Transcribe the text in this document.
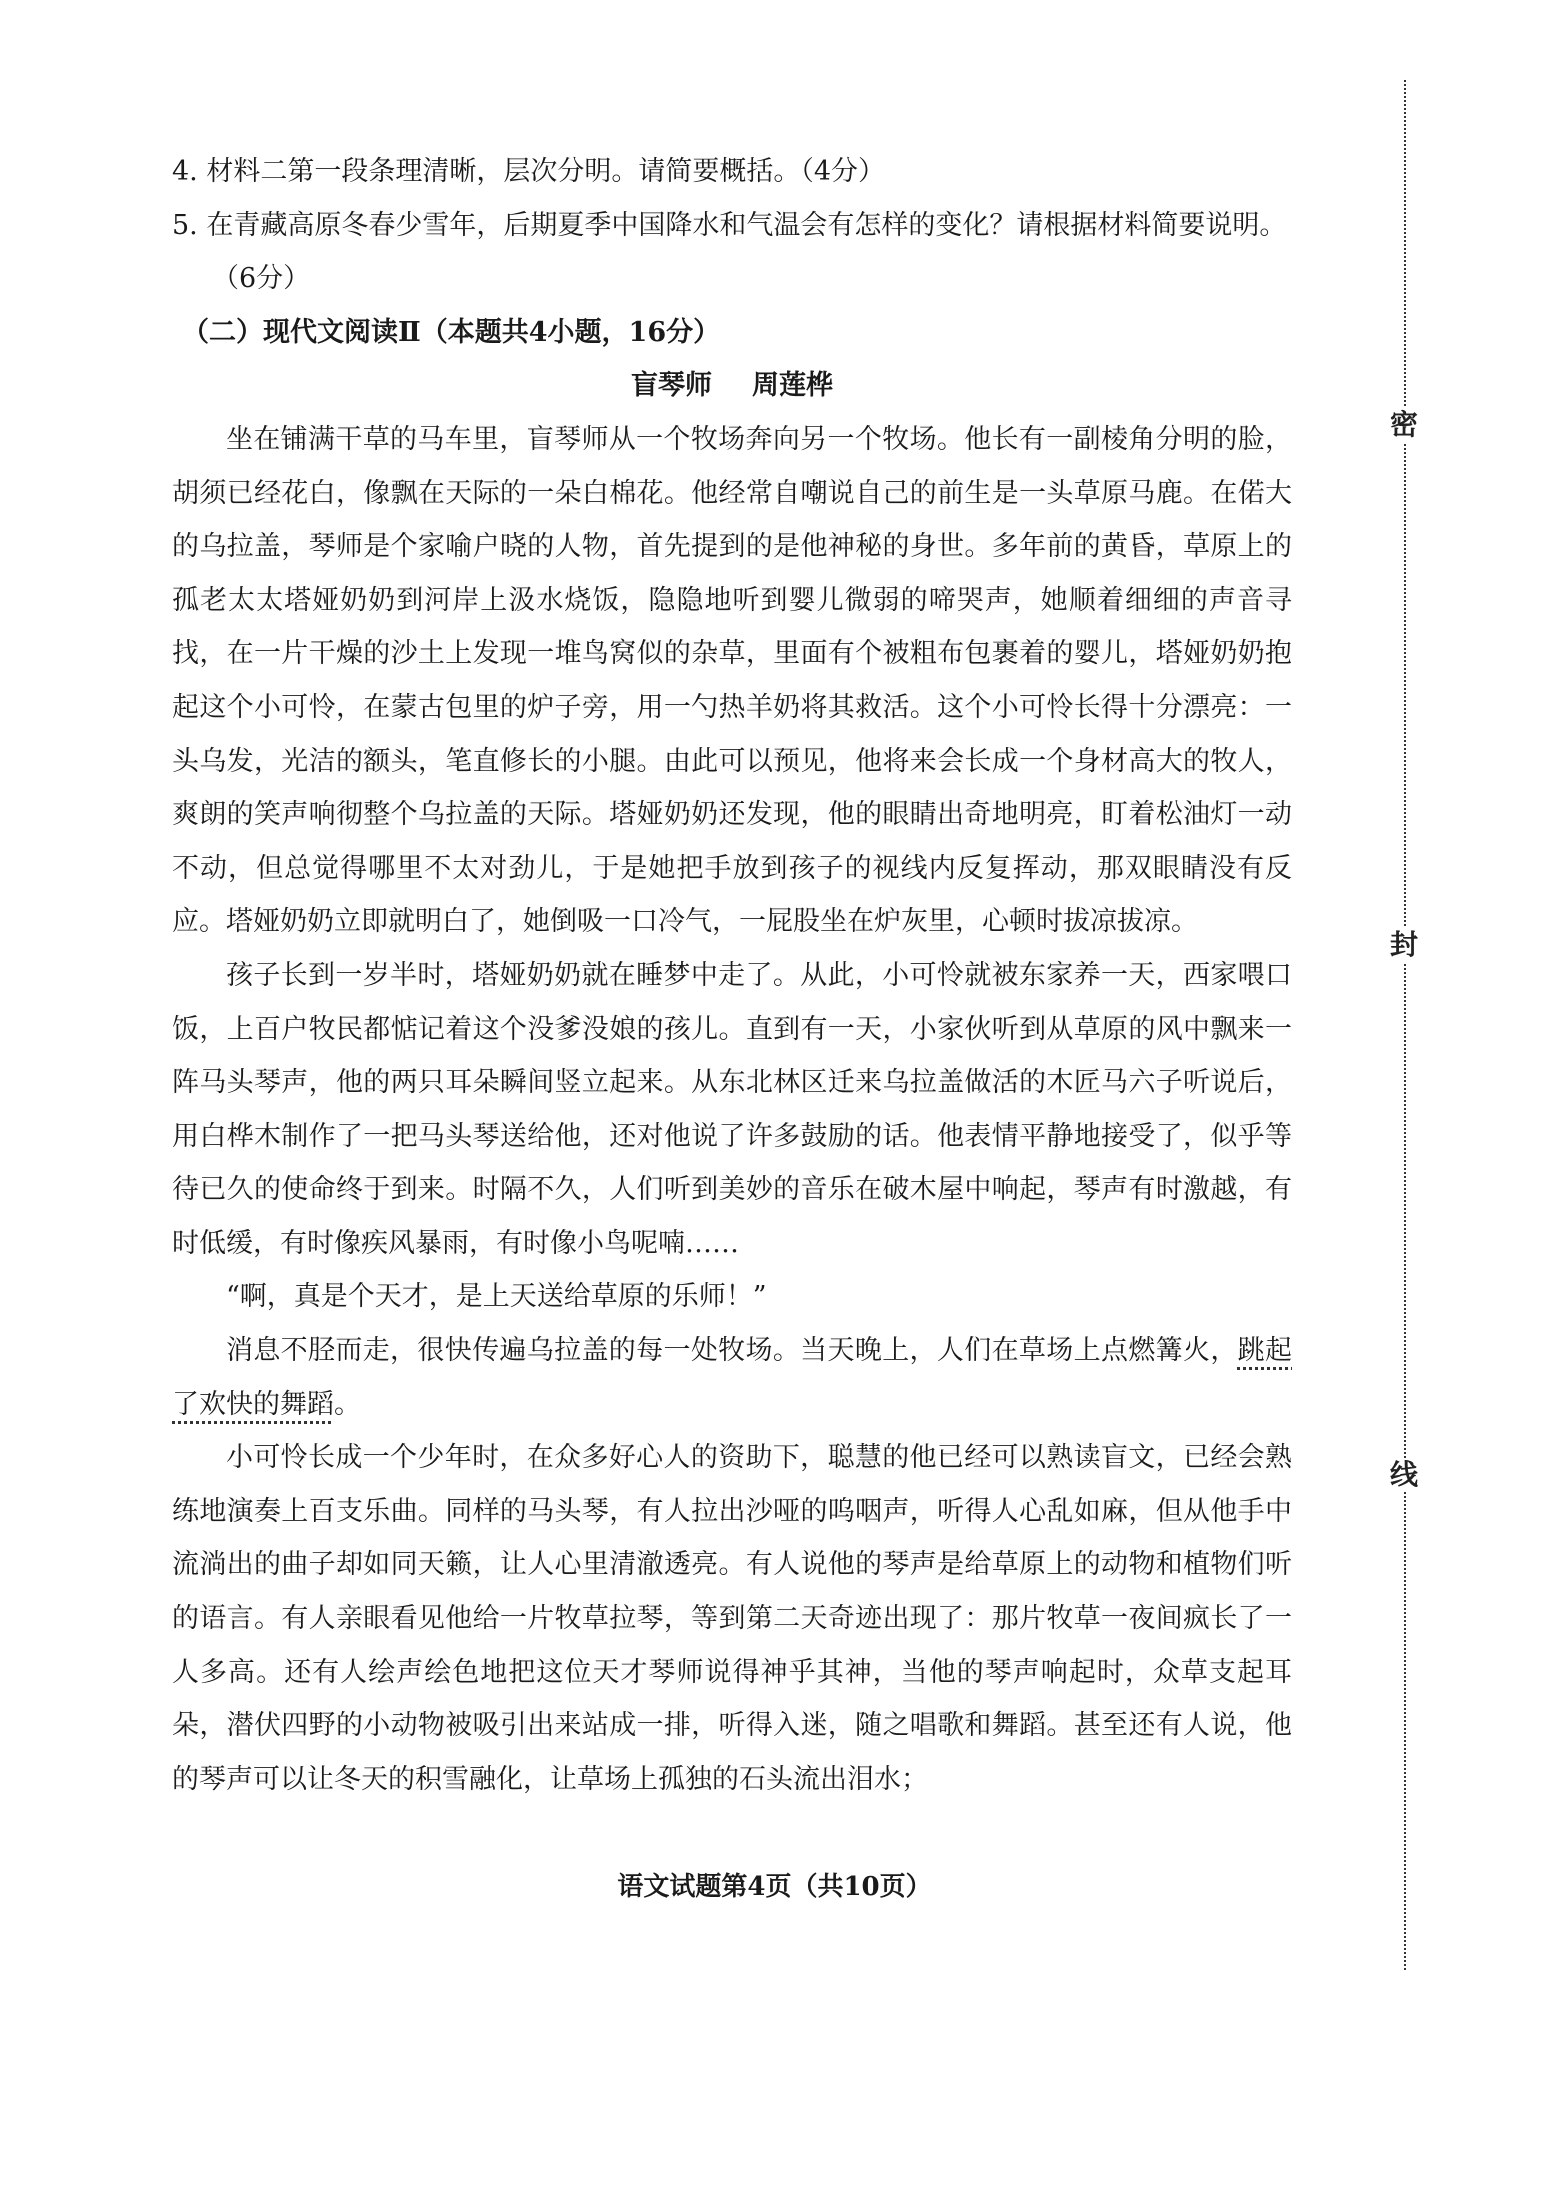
密
封
线

4. 材料二第一段条理清晰，层次分明。请简要概括。（4分）

5. 在青藏高原冬春少雪年，后期夏季中国降水和气温会有怎样的变化？请根据材料简要说明。（6分）

（二）现代文阅读Ⅱ（本题共4小题，16分）

盲琴师 周莲桦

坐在铺满干草的马车里，盲琴师从一个牧场奔向另一个牧场。他长有一副棱角分明的脸，胡须已经花白，像飘在天际的一朵白棉花。他经常自嘲说自己的前生是一头草原马鹿。在偌大的乌拉盖，琴师是个家喻户晓的人物，首先提到的是他神秘的身世。多年前的黄昏，草原上的孤老太太塔娅奶奶到河岸上汲水烧饭，隐隐地听到婴儿微弱的啼哭声，她顺着细细的声音寻找，在一片干燥的沙土上发现一堆鸟窝似的杂草，里面有个被粗布包裹着的婴儿，塔娅奶奶抱起这个小可怜，在蒙古包里的炉子旁，用一勺热羊奶将其救活。这个小可怜长得十分漂亮：一头乌发，光洁的额头，笔直修长的小腿。由此可以预见，他将来会长成一个身材高大的牧人，爽朗的笑声响彻整个乌拉盖的天际。塔娅奶奶还发现，他的眼睛出奇地明亮，盯着松油灯一动不动，但总觉得哪里不太对劲儿，于是她把手放到孩子的视线内反复挥动，那双眼睛没有反应。塔娅奶奶立即就明白了，她倒吸一口冷气，一屁股坐在炉灰里，心顿时拔凉拔凉。

孩子长到一岁半时，塔娅奶奶就在睡梦中走了。从此，小可怜就被东家养一天，西家喂口饭，上百户牧民都惦记着这个没爹没娘的孩儿。直到有一天，小家伙听到从草原的风中飘来一阵马头琴声，他的两只耳朵瞬间竖立起来。从东北林区迁来乌拉盖做活的木匠马六子听说后，用白桦木制作了一把马头琴送给他，还对他说了许多鼓励的话。他表情平静地接受了，似乎等待已久的使命终于到来。时隔不久，人们听到美妙的音乐在破木屋中响起，琴声有时激越，有时低缓，有时像疾风暴雨，有时像小鸟呢喃……

“啊，真是个天才，是上天送给草原的乐师！”

消息不胫而走，很快传遍乌拉盖的每一处牧场。当天晚上，人们在草场上点燃篝火，跳起了欢快的舞蹈。

小可怜长成一个少年时，在众多好心人的资助下，聪慧的他已经可以熟读盲文，已经会熟练地演奏上百支乐曲。同样的马头琴，有人拉出沙哑的呜咽声，听得人心乱如麻，但从他手中流淌出的曲子却如同天籁，让人心里清澈透亮。有人说他的琴声是给草原上的动物和植物们听的语言。有人亲眼看见他给一片牧草拉琴，等到第二天奇迹出现了：那片牧草一夜间疯长了一人多高。还有人绘声绘色地把这位天才琴师说得神乎其神，当他的琴声响起时，众草支起耳朵，潜伏四野的小动物被吸引出来站成一排，听得入迷，随之唱歌和舞蹈。甚至还有人说，他的琴声可以让冬天的积雪融化，让草场上孤独的石头流出泪水；

语文试题第4页（共10页）
